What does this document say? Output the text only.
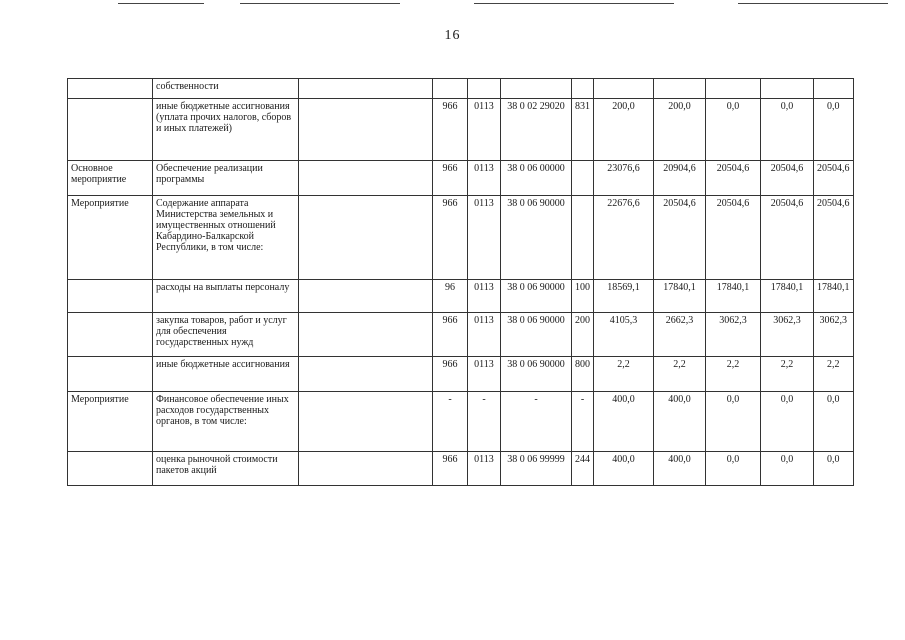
16
	собственности										
	иные бюджетные ассигнования (уплата прочих налогов, сборов и иных платежей)		966	0113	38 0 02 29020	831	200,0	200,0	0,0	0,0	0,0
Основное мероприятие	Обеспечение реализации программы		966	0113	38 0 06 00000		23076,6	20904,6	20504,6	20504,6	20504,6
Мероприятие	Содержание аппарата Министерства земельных и имущественных отношений Кабардино-Балкарской Республики, в том числе:		966	0113	38 0 06 90000		22676,6	20504,6	20504,6	20504,6	20504,6
	расходы на выплаты персоналу		96	0113	38 0 06 90000	100	18569,1	17840,1	17840,1	17840,1	17840,1
	закупка товаров, работ и услуг для обеспечения государственных нужд		966	0113	38 0 06 90000	200	4105,3	2662,3	3062,3	3062,3	3062,3
	иные бюджетные ассигнования		966	0113	38 0 06 90000	800	2,2	2,2	2,2	2,2	2,2
Мероприятие	Финансовое обеспечение иных расходов государственных органов, в том числе:		-	-	-	-	400,0	400,0	0,0	0,0	0,0
	оценка рыночной стоимости пакетов акций		966	0113	38 0 06 99999	244	400,0	400,0	0,0	0,0	0,0
